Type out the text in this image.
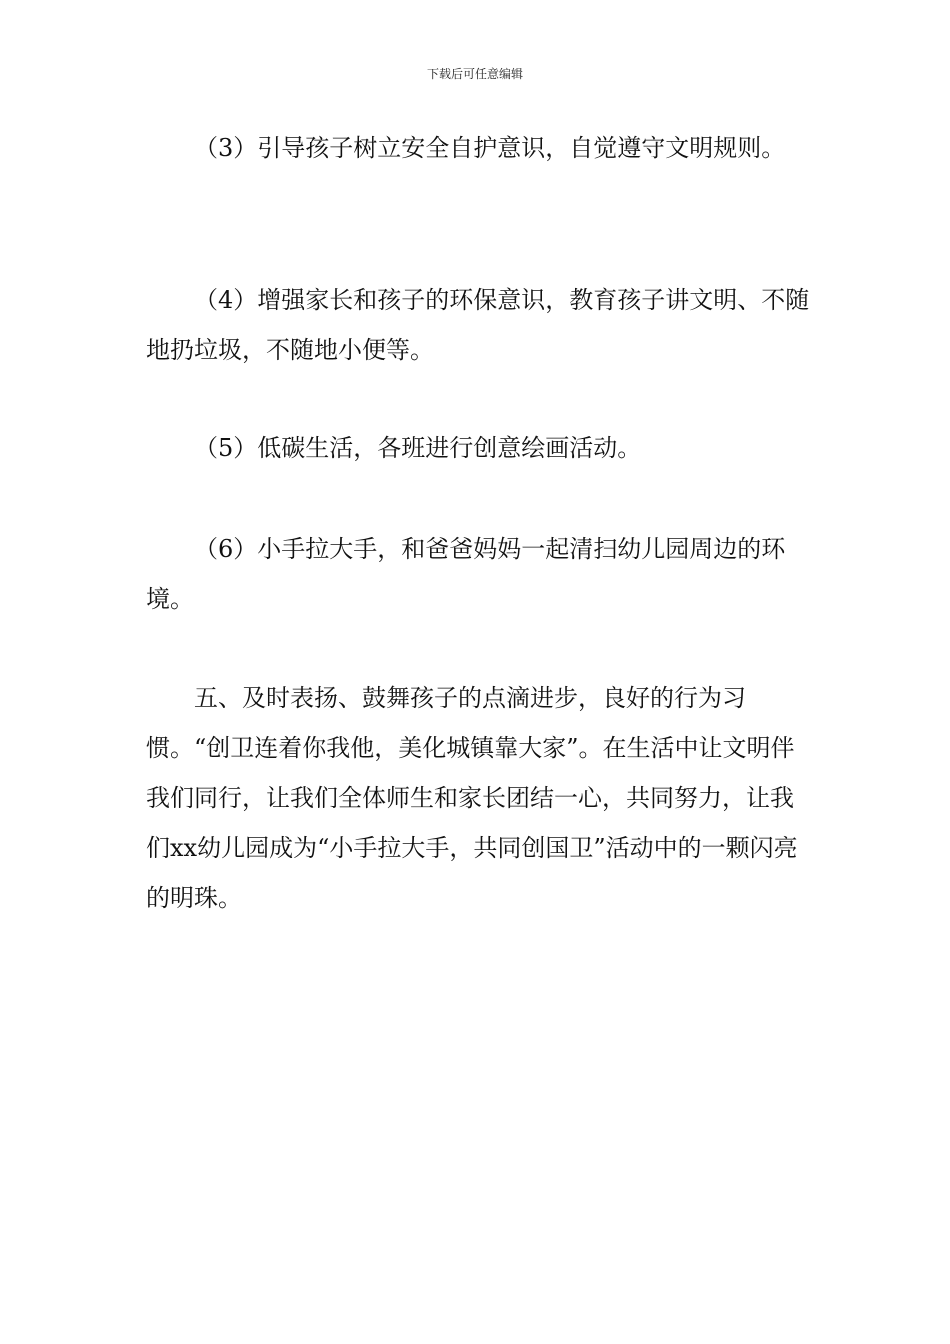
下载后可任意编辑

（3）引导孩子树立安全自护意识，自觉遵守文明规则。

（4）增强家长和孩子的环保意识，教育孩子讲文明、不随地扔垃圾，不随地小便等。

（5）低碳生活，各班进行创意绘画活动。

（6）小手拉大手，和爸爸妈妈一起清扫幼儿园周边的环境。

五、及时表扬、鼓舞孩子的点滴进步，良好的行为习惯。“创卫连着你我他，美化城镇靠大家”。在生活中让文明伴我们同行，让我们全体师生和家长团结一心，共同努力，让我们xx幼儿园成为“小手拉大手，共同创国卫”活动中的一颗闪亮的明珠。
